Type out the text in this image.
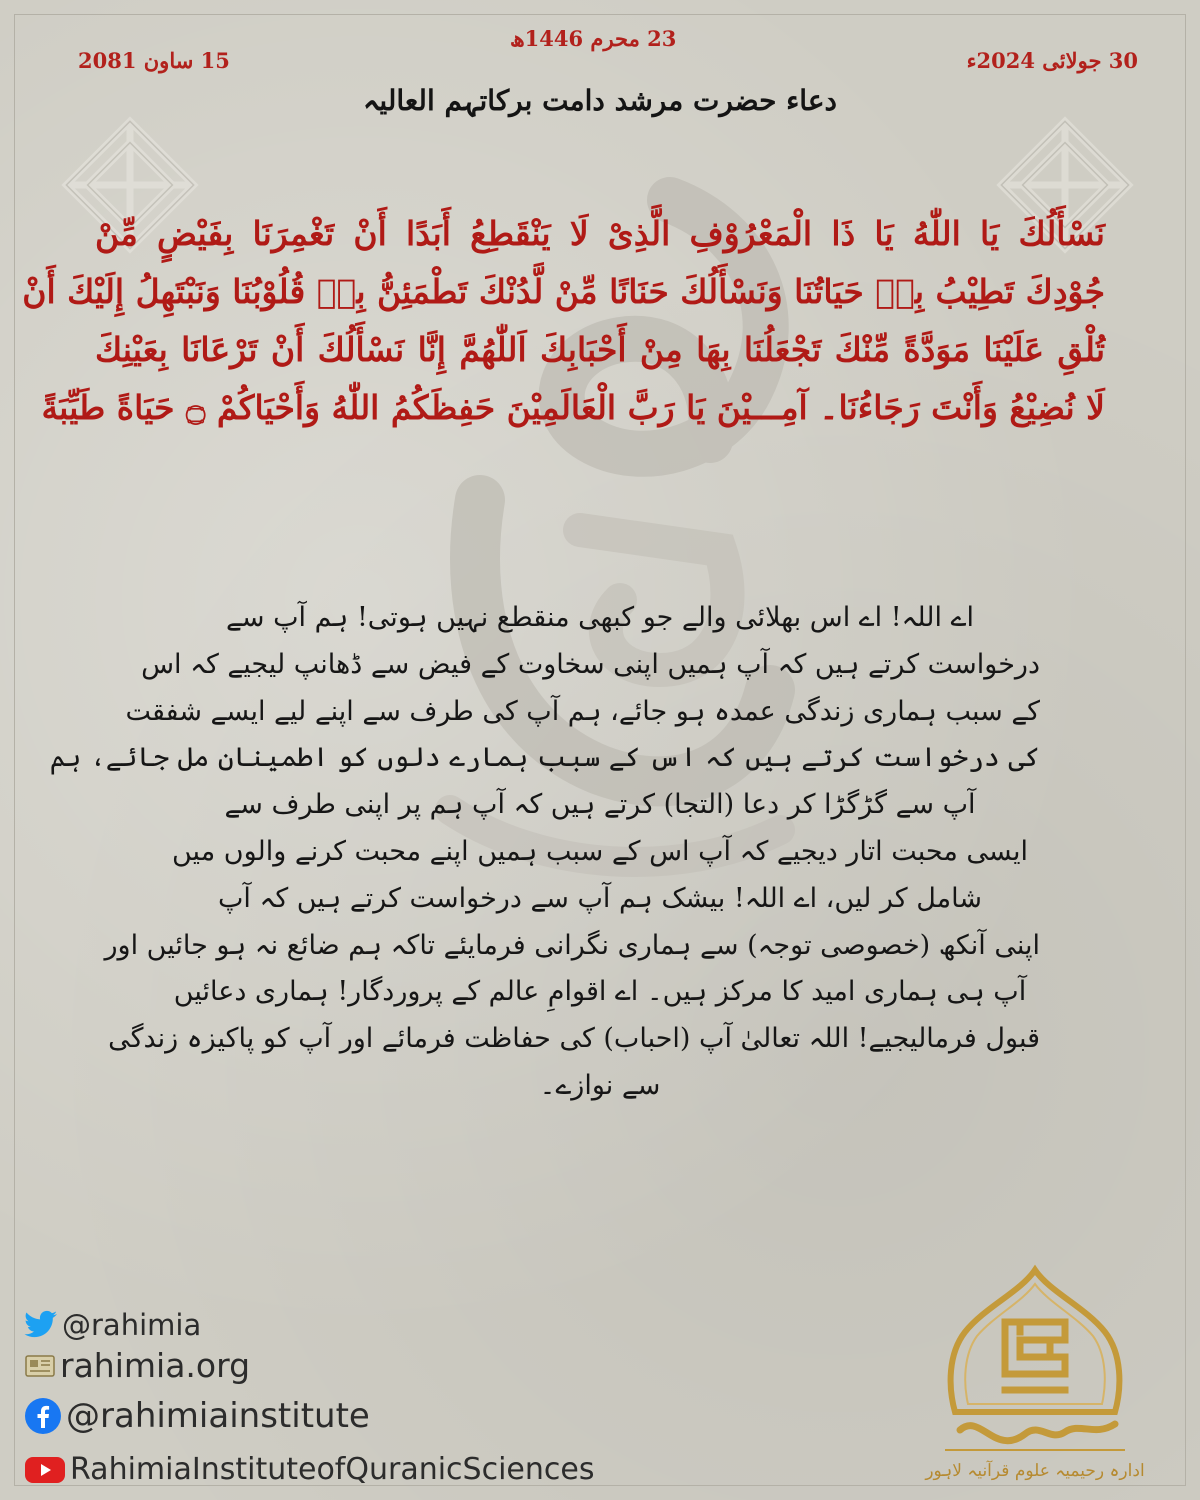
23 محرم 1446ھ
30 جولائی 2024ء
15 ساون 2081
دعاء حضرت مرشد دامت برکاتہم العالیہ
نَسْأَلُكَ يَا اللّٰهُ يَا ذَا الْمَعْرُوْفِ الَّذِىْ لَا يَنْقَطِعُ أَبَدًا أَنْ تَغْمِرَنَا بِفَيْضٍ مِّنْ
جُوْدِكَ تَطِيْبُ بِهٖ حَيَاتُنَا وَنَسْأَلُكَ حَنَانًا مِّنْ لَّدُنْكَ تَطْمَئِنُّ بِهٖ قُلُوْبُنَا وَنَبْتَهِلُ إِلَيْكَ أَنْ
تُلْقِ عَلَيْنَا مَوَدَّةً مِّنْكَ تَجْعَلُنَا بِهَا مِنْ أَحْبَابِكَ اَللّٰهُمَّ إِنَّا نَسْأَلُكَ أَنْ تَرْعَانَا بِعَيْنِكَ
لَا نُضِيْعُ وَأَنْتَ رَجَاءُنَا۔ آمِـــيْنَ يَا رَبَّ الْعَالَمِيْنَ حَفِظَكُمُ اللّٰهُ وَأَحْيَاكُمْ ۝ حَيَاةً طَيِّبَةً
اے اللہ! اے اس بھلائی والے جو کبھی منقطع نہیں ہوتی! ہم آپ سے
درخواست کرتے ہیں کہ آپ ہمیں اپنی سخاوت کے فیض سے ڈھانپ لیجیے کہ اس
کے سبب ہماری زندگی عمدہ ہو جائے، ہم آپ کی طرف سے اپنے لیے ایسے شفقت
کی درخواست کرتے ہیں کہ اس کے سبب ہمارے دلوں کو اطمینان مل جائے، ہم
آپ سے گڑگڑا کر دعا (التجا) کرتے ہیں کہ آپ ہم پر اپنی طرف سے
ایسی محبت اتار دیجیے کہ آپ اس کے سبب ہمیں اپنے محبت کرنے والوں میں
شامل کر لیں، اے اللہ! بیشک ہم آپ سے درخواست کرتے ہیں کہ آپ
اپنی آنکھ (خصوصی توجہ) سے ہماری نگرانی فرمایئے تاکہ ہم ضائع نہ ہو جائیں اور
آپ ہی ہماری امید کا مرکز ہیں۔ اے اقوامِ عالم کے پروردگار! ہماری دعائیں
قبول فرمالیجیے! اللہ تعالیٰ آپ (احباب) کی حفاظت فرمائے اور آپ کو پاکیزہ زندگی
سے نوازے۔
@rahimia
rahimia.org
@rahimiainstitute
RahimiaInstituteofQuranicSciences	ادارہ رحیمیہ علوم قرآنیہ لاہور
